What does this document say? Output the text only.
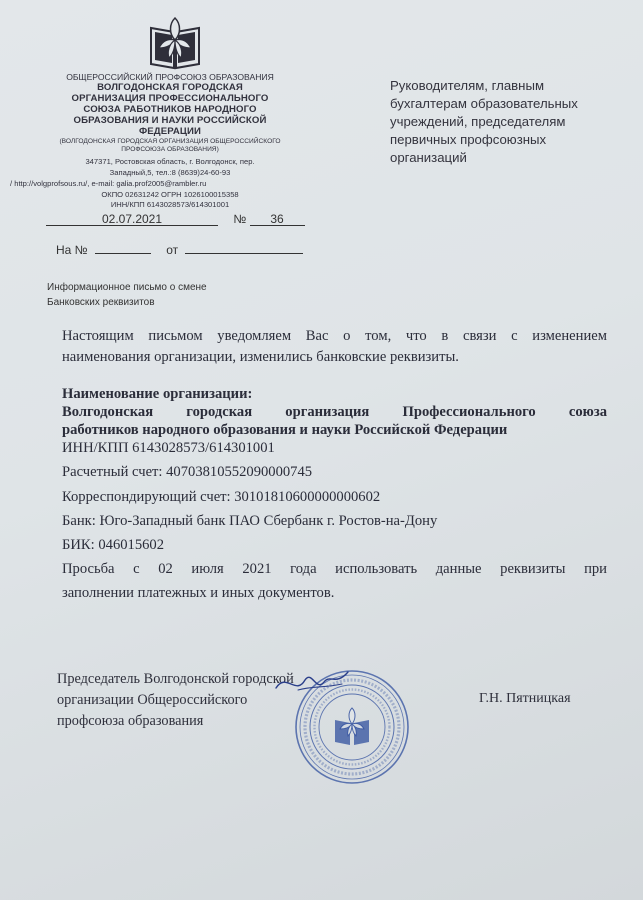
ОБЩЕРОССИЙСКИЙ ПРОФСОЮЗ ОБРАЗОВАНИЯ
ВОЛГОДОНСКАЯ ГОРОДСКАЯ
ОРГАНИЗАЦИЯ ПРОФЕССИОНАЛЬНОГО
СОЮЗА РАБОТНИКОВ НАРОДНОГО
ОБРАЗОВАНИЯ И НАУКИ РОССИЙСКОЙ
ФЕДЕРАЦИИ
(ВОЛГОДОНСКАЯ ГОРОДСКАЯ ОРГАНИЗАЦИЯ ОБЩЕРОССИЙСКОГО
ПРОФСОЮЗА ОБРАЗОВАНИЯ)
347371, Ростовская область, г. Волгодонск, пер.
Западный,5, тел.:8 (8639)24-60-93
/ http://volgprofsous.ru/, e-mail: galia.prof2005@rambler.ru
ОКПО 02631242 ОГРН 1026100015358
ИНН/КПП 6143028573/614301001
02.07.2021	№ 36
На №	от
Руководителям, главным
бухгалтерам образовательных
учреждений, председателям
первичных профсоюзных
организаций
Информационное письмо о смене
Банковских реквизитов
Настоящим письмом уведомляем Вас о том, что в связи с изменением
наименования организации, изменились банковские реквизиты.
Наименование организации:
Волгодонская городская организация Профессионального союза
работников народного образования и науки Российской Федерации
ИНН/КПП 6143028573/614301001
Расчетный счет: 40703810552090000745
Корреспондирующий счет: 30101810600000000602
Банк: Юго-Западный банк ПАО Сбербанк г. Ростов-на-Дону
БИК: 046015602
Просьба с 02 июля 2021 года использовать данные реквизиты при
заполнении платежных и иных документов.
Председатель Волгодонской городской
организации Общероссийского
профсоюза образования
Г.Н. Пятницкая
